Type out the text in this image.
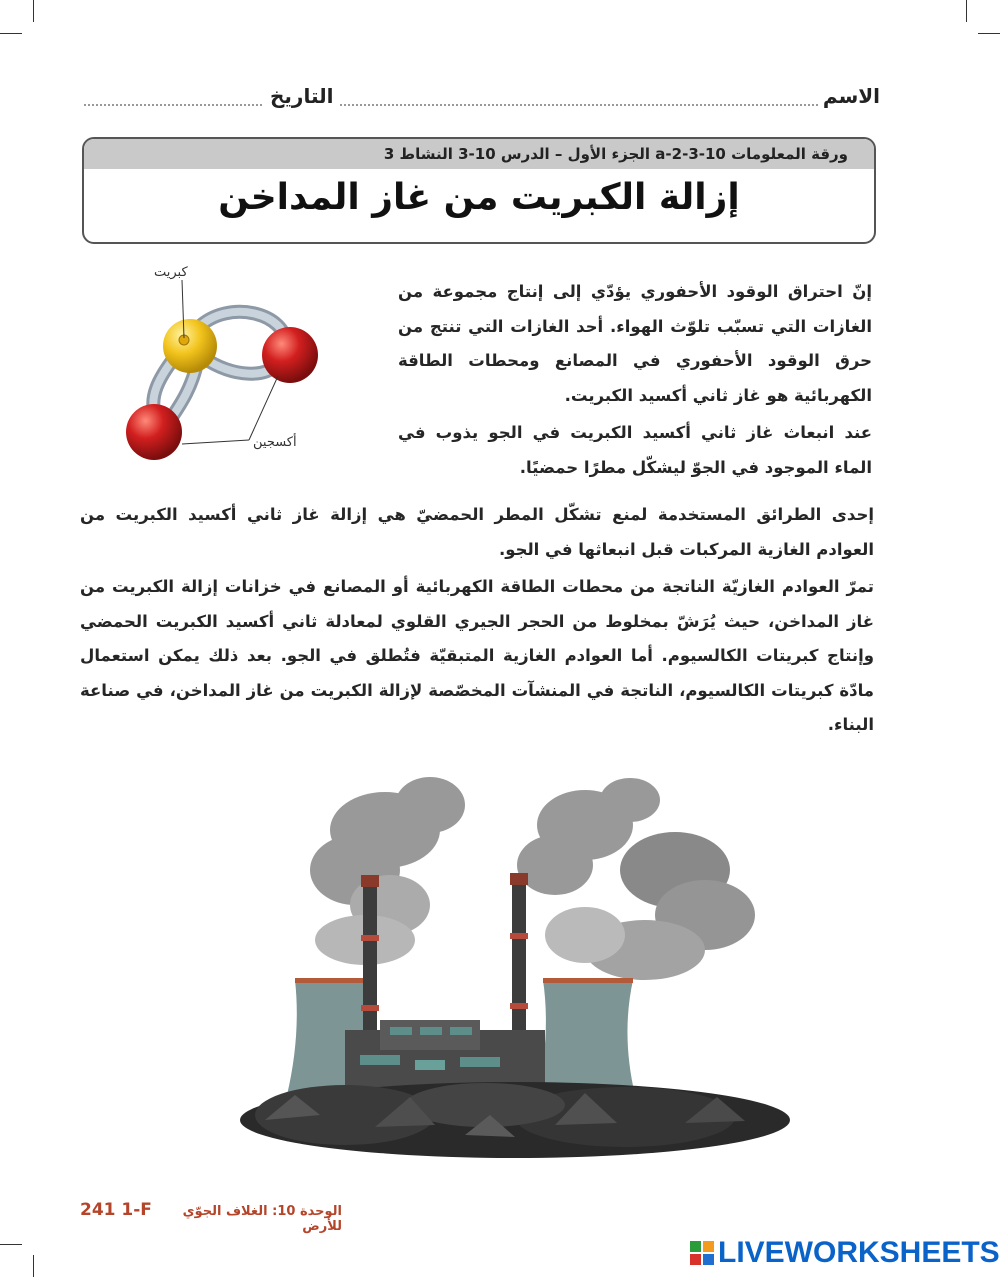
الاسم
التاريخ
ورقة المعلومات 10-3-2-a الجزء الأول – الدرس 10-3 النشاط 3
إزالة الكبريت من غاز المداخن
كبريت
أكسجين
إنّ احتراق الوقود الأحفوري يؤدّي إلى إنتاج مجموعة من الغازات التي تسبّب تلوّث الهواء. أحد الغازات التي تنتج من حرق الوقود الأحفوري في المصانع ومحطات الطاقة الكهربائية هو غاز ثاني أكسيد الكبريت.
عند انبعاث غاز ثاني أكسيد الكبريت في الجو يذوب في الماء الموجود في الجوّ ليشكّل مطرًا حمضيًا.
إحدى الطرائق المستخدمة لمنع تشكّل المطر الحمضيّ هي إزالة غاز ثاني أكسيد الكبريت من العوادم الغازية المركبات قبل انبعاثها في الجو.
تمرّ العوادم الغازيّة الناتجة من محطات الطاقة الكهربائية أو المصانع في خزانات إزالة الكبريت من غاز المداخن، حيث يُرَشّ بمخلوط من الحجر الجيري القلوي لمعادلة ثاني أكسيد الكبريت الحمضي وإنتاج كبريتات الكالسيوم. أما العوادم الغازية المتبقيّة فتُطلق في الجو. بعد ذلك يمكن استعمال مادّة كبريتات الكالسيوم، الناتجة في المنشآت المخصّصة لإزالة الكبريت من غاز المداخن، في صناعة البناء.
241 1-F	الوحدة 10: الغلاف الجوّي للأرض
LIVEWORKSHEETS
